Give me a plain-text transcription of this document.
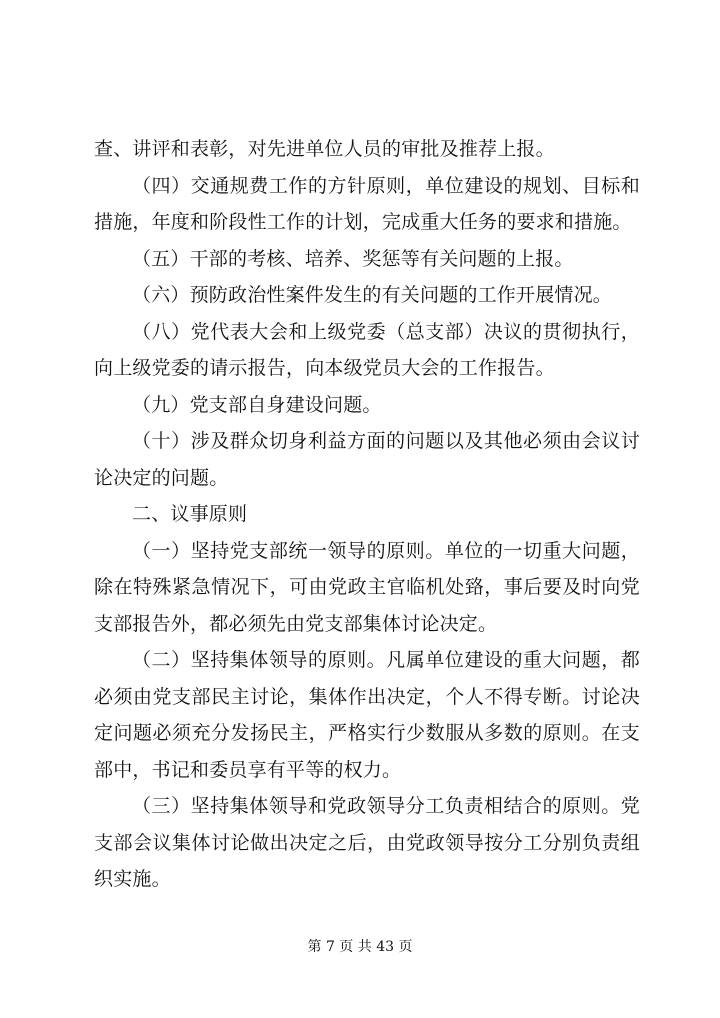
查、讲评和表彰，对先进单位人员的审批及推荐上报。

（四）交通规费工作的方针原则，单位建设的规划、目标和措施，年度和阶段性工作的计划，完成重大任务的要求和措施。

（五）干部的考核、培养、奖惩等有关问题的上报。

（六）预防政治性案件发生的有关问题的工作开展情况。

（八）党代表大会和上级党委（总支部）决议的贯彻执行，向上级党委的请示报告，向本级党员大会的工作报告。

（九）党支部自身建设问题。

（十）涉及群众切身利益方面的问题以及其他必须由会议讨论决定的问题。

二、议事原则

（一）坚持党支部统一领导的原则。单位的一切重大问题，除在特殊紧急情况下，可由党政主官临机处臵，事后要及时向党支部报告外，都必须先由党支部集体讨论决定。

（二）坚持集体领导的原则。凡属单位建设的重大问题，都必须由党支部民主讨论，集体作出决定，个人不得专断。讨论决定问题必须充分发扬民主，严格实行少数服从多数的原则。在支部中，书记和委员享有平等的权力。

（三）坚持集体领导和党政领导分工负责相结合的原则。党支部会议集体讨论做出决定之后，由党政领导按分工分别负责组织实施。

第 7 页 共 43 页
